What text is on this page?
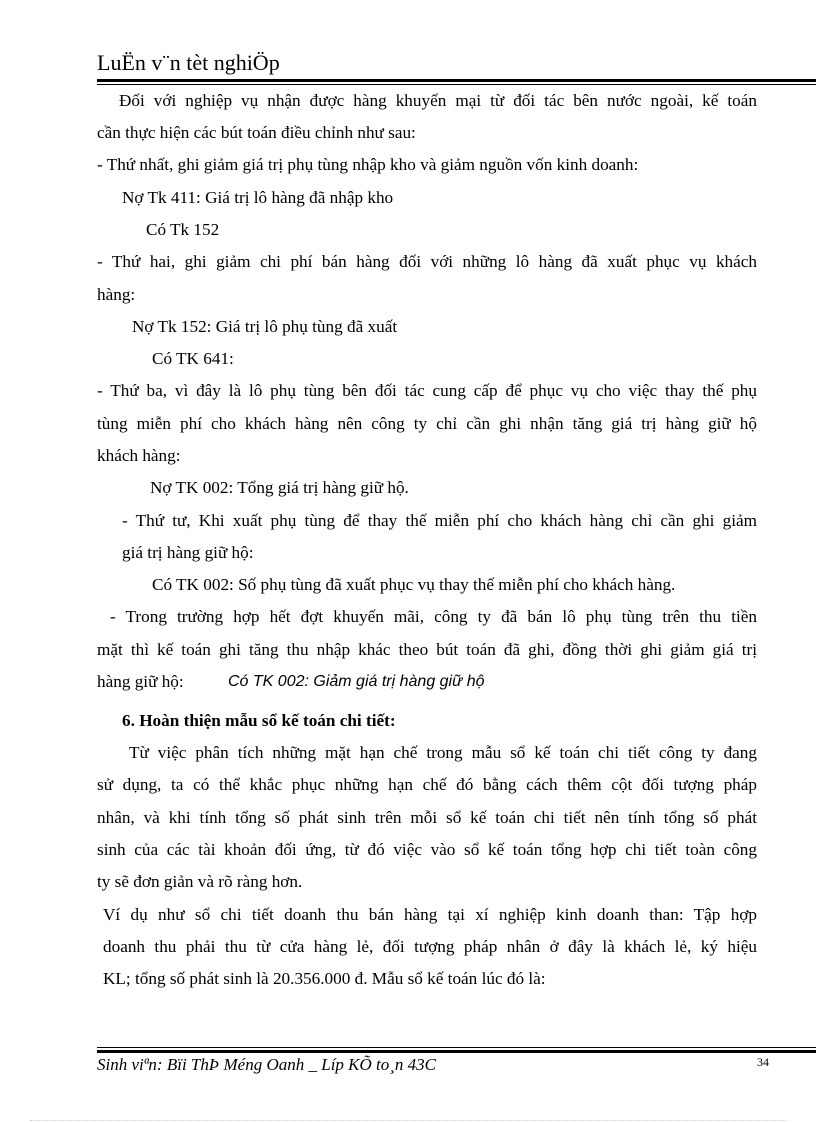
LuËn v¨n tèt nghiÖp
Đối với nghiệp vụ nhận được hàng khuyến mại từ đối tác bên nước ngoài, kế toán
cần thực hiện các bút toán điều chỉnh như sau:
- Thứ nhất, ghi giảm giá trị phụ tùng nhập kho và giảm nguồn vốn kinh doanh:
Nợ Tk 411: Giá trị lô hàng đã nhập kho
Có Tk 152
- Thứ hai, ghi giảm chi phí bán hàng đối với những lô hàng đã xuất phục vụ khách
hàng:
Nợ Tk 152: Giá trị lô phụ tùng đã xuất
Có TK 641:
- Thứ ba, vì đây là lô phụ tùng bên đối tác cung cấp để phục vụ cho việc thay thế phụ
tùng miễn phí cho khách hàng nên công ty chỉ cần ghi nhận tăng giá trị hàng giữ hộ
khách hàng:
Nợ TK 002: Tổng giá trị hàng giữ hộ.
- Thứ tư, Khi xuất phụ tùng để thay thế miễn phí cho khách hàng chỉ cần ghi giảm
giá trị hàng giữ hộ:
Có TK 002: Số phụ tùng đã xuất phục vụ thay thế miễn phí cho khách hàng.
- Trong trường hợp hết đợt khuyến mãi, công ty đã bán lô phụ tùng trên thu tiền
mặt thì kế toán ghi tăng thu nhập khác theo bút toán đã ghi, đồng thời ghi giảm giá trị
hàng giữ hộ:	Có TK 002: Giảm giá trị hàng giữ hộ
6. Hoàn thiện mẫu sổ kế toán chi tiết:
Từ việc phân tích những mặt hạn chế trong mẫu sổ kế toán chi tiết công ty đang
sử dụng, ta có thể khắc phục những hạn chế đó bằng cách thêm cột đối tượng pháp
nhân, và khi tính tổng số phát sinh trên mỗi sổ kế toán chi tiết nên tính tổng số phát
sinh của các tài khoản đối ứng, từ đó việc vào sổ kế toán tổng hợp chi tiết toàn công
ty sẽ đơn giản và rõ ràng hơn.
Ví dụ như sổ chi tiết doanh thu bán hàng tại xí nghiệp kinh doanh than: Tập hợp
doanh thu phải thu từ cửa hàng lẻ, đối tượng pháp nhân ở đây là khách lẻ, ký hiệu
KL; tổng số phát sinh là 20.356.000 đ. Mẫu sổ kế toán lúc đó là:
Sinh viªn: Bïi ThÞ Méng Oanh _ Líp KÕ to¸n 43C	34
